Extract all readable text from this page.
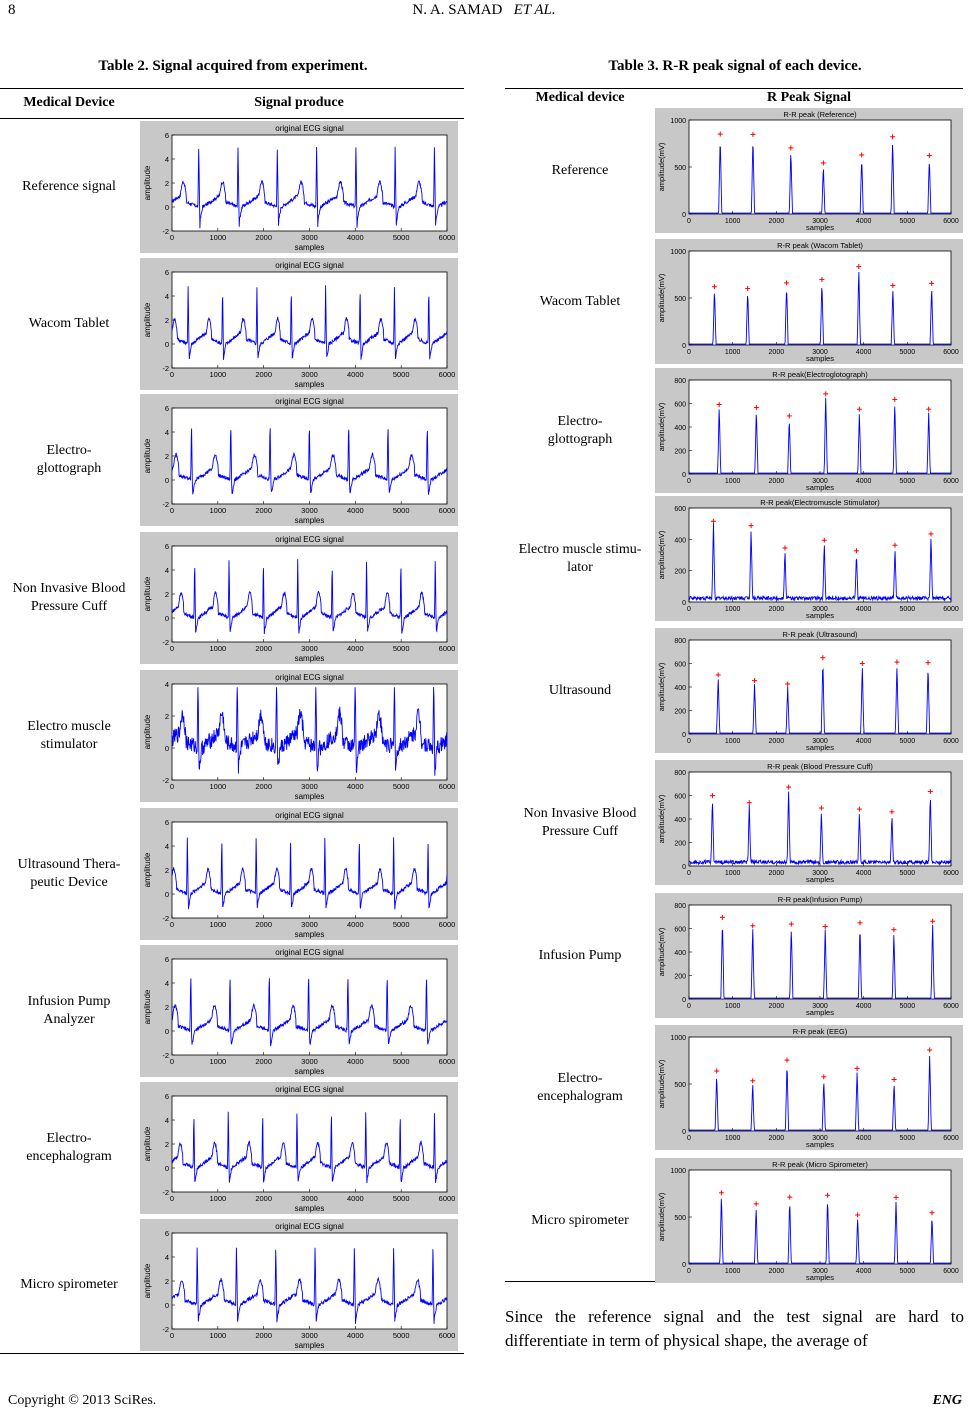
8	N. A. SAMAD ET AL.
Table 2. Signal acquired from experiment.
Medical Device	Signal produce
Reference signal
original ECG signal
samples
amplitude
6
4
2
0
-2
0	1000	2000	3000	4000	5000	6000
Wacom Tablet
original ECG signal
samples
amplitude
6
4
2
0
-2
0	1000	2000	3000	4000	5000	6000
Electro-
glottograph
original ECG signal
samples
amplitude
6
4
2
0
-2
0	1000	2000	3000	4000	5000	6000
Non Invasive Blood
Pressure Cuff
original ECG signal
samples
amplitude
6
4
2
0
-2
0	1000	2000	3000	4000	5000	6000
Electro muscle
stimulator
original ECG signal
samples
amplitude
4
2
0
-2
0	1000	2000	3000	4000	5000	6000
Ultrasound Thera-
peutic Device
original ECG signal
samples
amplitude
6
4
2
0
-2
0	1000	2000	3000	4000	5000	6000
Infusion Pump
Analyzer
original ECG signal
samples
amplitude
6
4
2
0
-2
0	1000	2000	3000	4000	5000	6000
Electro-
encephalogram
original ECG signal
samples
amplitude
6
4
2
0
-2
0	1000	2000	3000	4000	5000	6000
Micro spirometer
original ECG signal
samples
amplitude
6
4
2
0
-2
0	1000	2000	3000	4000	5000	6000
Table 3. R-R peak signal of each device.
Medical device	R Peak Signal
Reference
R-R peak (Reference)
samples
amplitude(mV)
1000
500
0
0	1000	2000	3000	4000	5000	6000
Wacom Tablet
R-R peak (Wacom Tablet)
samples
amplitude(mV)
1000
500
0
0	1000	2000	3000	4000	5000	6000
Electro-
glottograph
R-R peak(Electroglotograph)
samples
amplitude(mV)
800
600
400
200
0
0	1000	2000	3000	4000	5000	6000
Electro muscle stimu-
lator
R-R peak(Electromuscle Stimulator)
samples
amplitude(mV)
600
400
200
0
0	1000	2000	3000	4000	5000	6000
Ultrasound
R-R peak (Ultrasound)
samples
amplitude(mV)
800
600
400
200
0
0	1000	2000	3000	4000	5000	6000
Non Invasive Blood
Pressure Cuff
R-R peak (Blood Pressure Cuff)
samples
amplitude(mV)
800
600
400
200
0
0	1000	2000	3000	4000	5000	6000
Infusion Pump
R-R peak(Infusion Pump)
samples
amplitude(mV)
800
600
400
200
0
0	1000	2000	3000	4000	5000	6000
Electro-
encephalogram
R-R peak (EEG)
samples
amplitude(mV)
1000
500
0
0	1000	2000	3000	4000	5000	6000
Micro spirometer
R-R peak (Micro Spirometer)
samples
amplitude(mV)
1000
500
0
0	1000	2000	3000	4000	5000	6000
Since the reference signal and the test signal are hard to differentiate in term of physical shape, the average of
Copyright © 2013 SciRes.	ENG
